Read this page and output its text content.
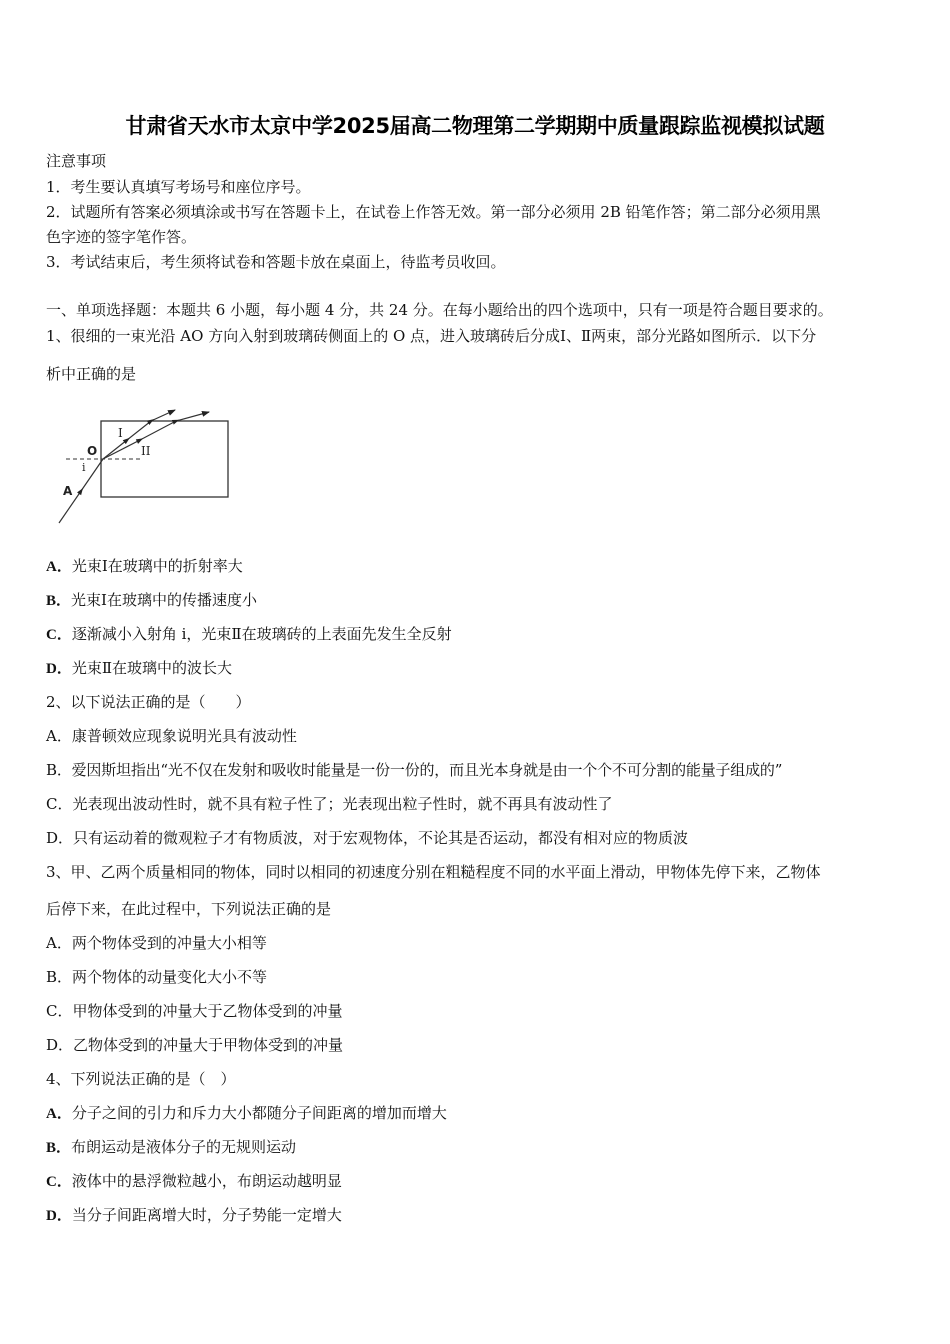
甘肃省天水市太京中学2025届高二物理第二学期期中质量跟踪监视模拟试题
注意事项
1．考生要认真填写考场号和座位序号。
2．试题所有答案必须填涂或书写在答题卡上，在试卷上作答无效。第一部分必须用 2B 铅笔作答；第二部分必须用黑
色字迹的签字笔作答。
3．考试结束后，考生须将试卷和答题卡放在桌面上，待监考员收回。
一、单项选择题：本题共 6 小题，每小题 4 分，共 24 分。在每小题给出的四个选项中，只有一项是符合题目要求的。
1、很细的一束光沿 AO 方向入射到玻璃砖侧面上的 O 点，进入玻璃砖后分成Ⅰ、Ⅱ两束，部分光路如图所示．以下分
析中正确的是
O
i
A
I
II
A．光束Ⅰ在玻璃中的折射率大
B．光束Ⅰ在玻璃中的传播速度小
C．逐渐减小入射角 i，光束Ⅱ在玻璃砖的上表面先发生全反射
D．光束Ⅱ在玻璃中的波长大
2、以下说法正确的是（　　）
A．康普顿效应现象说明光具有波动性
B．爱因斯坦指出“光不仅在发射和吸收时能量是一份一份的，而且光本身就是由一个个不可分割的能量子组成的”
C．光表现出波动性时，就不具有粒子性了；光表现出粒子性时，就不再具有波动性了
D．只有运动着的微观粒子才有物质波，对于宏观物体，不论其是否运动，都没有相对应的物质波
3、甲、乙两个质量相同的物体，同时以相同的初速度分别在粗糙程度不同的水平面上滑动，甲物体先停下来，乙物体
后停下来，在此过程中，下列说法正确的是
A．两个物体受到的冲量大小相等
B．两个物体的动量变化大小不等
C．甲物体受到的冲量大于乙物体受到的冲量
D．乙物体受到的冲量大于甲物体受到的冲量
4、下列说法正确的是（　）
A．分子之间的引力和斥力大小都随分子间距离的增加而增大
B．布朗运动是液体分子的无规则运动
C．液体中的悬浮微粒越小，布朗运动越明显
D．当分子间距离增大时，分子势能一定增大
